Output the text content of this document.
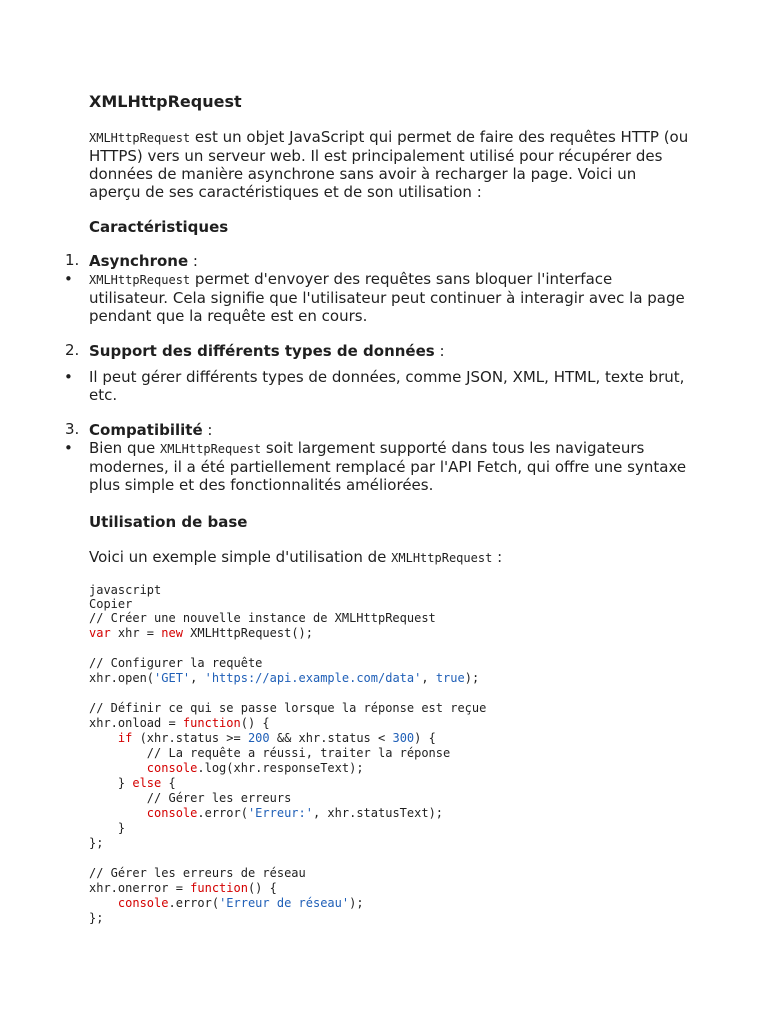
XMLHttpRequest

XMLHttpRequest est un objet JavaScript qui permet de faire des requêtes HTTP (ou HTTPS) vers un serveur web. Il est principalement utilisé pour récupérer des données de manière asynchrone sans avoir à recharger la page. Voici un aperçu de ses caractéristiques et de son utilisation :

Caractéristiques
1. Asynchrone :
• XMLHttpRequest permet d'envoyer des requêtes sans bloquer l'interface utilisateur. Cela signifie que l'utilisateur peut continuer à interagir avec la page pendant que la requête est en cours.

2. Support des différents types de données :
• Il peut gérer différents types de données, comme JSON, XML, HTML, texte brut, etc.

3. Compatibilité :
• Bien que XMLHttpRequest soit largement supporté dans tous les navigateurs modernes, il a été partiellement remplacé par l'API Fetch, qui offre une syntaxe plus simple et des fonctionnalités améliorées.

Utilisation de base

Voici un exemple simple d'utilisation de XMLHttpRequest :

javascript
Copier
// Créer une nouvelle instance de XMLHttpRequest
var xhr = new XMLHttpRequest();

// Configurer la requête
xhr.open('GET', 'https://api.example.com/data', true);

// Définir ce qui se passe lorsque la réponse est reçue
xhr.onload = function() {
if (xhr.status >= 200 && xhr.status < 300) {
// La requête a réussi, traiter la réponse
console.log(xhr.responseText);
} else {
// Gérer les erreurs
console.error('Erreur:', xhr.statusText);
}
};

// Gérer les erreurs de réseau
xhr.onerror = function() {
console.error('Erreur de réseau');
};
